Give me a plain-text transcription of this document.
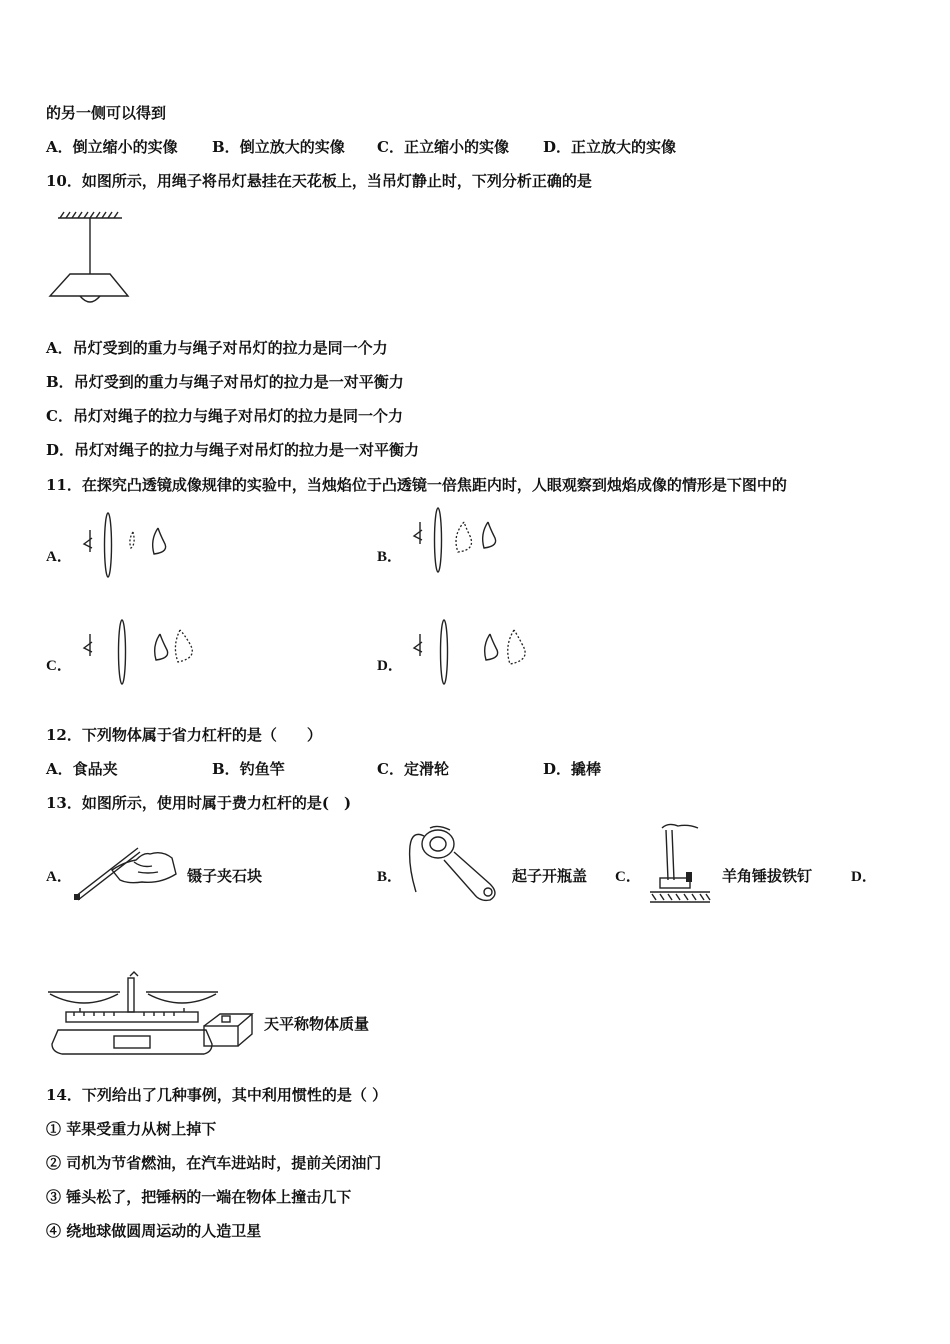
的另一侧可以得到
A．倒立缩小的实像 B．倒立放大的实像 C．正立缩小的实像 D．正立放大的实像
10．如图所示，用绳子将吊灯悬挂在天花板上，当吊灯静止时，下列分析正确的是
A．吊灯受到的重力与绳子对吊灯的拉力是同一个力
B．吊灯受到的重力与绳子对吊灯的拉力是一对平衡力
C．吊灯对绳子的拉力与绳子对吊灯的拉力是同一个力
D．吊灯对绳子的拉力与绳子对吊灯的拉力是一对平衡力
11．在探究凸透镜成像规律的实验中，当烛焰位于凸透镜一倍焦距内时，人眼观察到烛焰成像的情形是下图中的
A．	B．
C．	D．
12．下列物体属于省力杠杆的是（　　）
A．食品夹	B．钓鱼竿	C．定滑轮	D．撬棒
13．如图所示，使用时属于费力杠杆的是(　)
A．	镊子夹石块	B．	起子开瓶盖 C．	羊角锤拔铁钉	D．
天平称物体质量
14．下列给出了几种事例，其中利用惯性的是（ ）
① 苹果受重力从树上掉下
② 司机为节省燃油，在汽车进站时，提前关闭油门
③ 锤头松了，把锤柄的一端在物体上撞击几下
④ 绕地球做圆周运动的人造卫星
